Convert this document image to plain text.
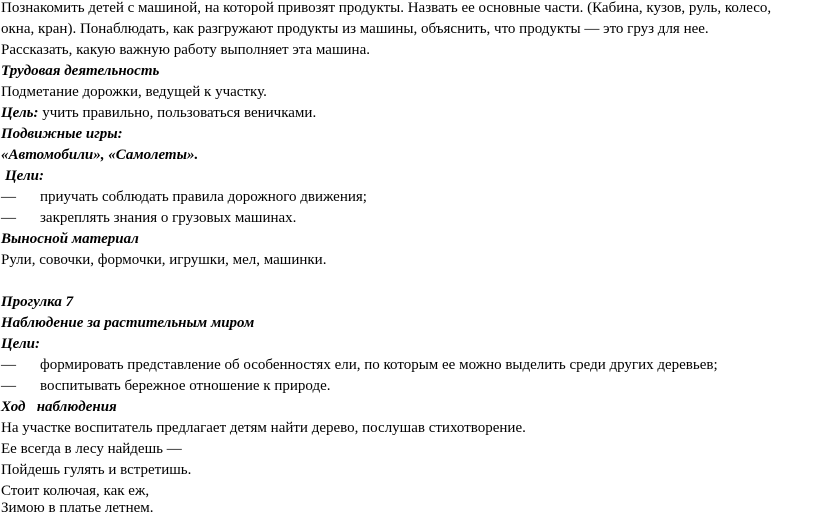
Познакомить детей с машиной, на которой привозят продукты. Назвать ее основные части. (Кабина, кузов, руль, колесо,
окна, кран). Понаблюдать, как разгружают продукты из машины, объяснить, что продукты — это груз для нее.
Рассказать, какую важную работу выполняет эта машина.
Трудовая деятельность
Подметание дорожки, ведущей к участку.
Цель: учить правильно, пользоваться веничками.
Подвижные игры:
«Автомобили», «Самолеты».
Цели:
— приучать соблюдать правила дорожного движения;
— закреплять знания о грузовых машинах.
Выносной материал
Рули, совочки, формочки, игрушки, мел, машинки.
Прогулка 7
Наблюдение за растительным миром
Цели:
— формировать представление об особенностях ели, по которым ее можно выделить среди других деревьев;
— воспитывать бережное отношение к природе.
Ход   наблюдения
На участке воспитатель предлагает детям найти дерево, послушав стихотворение.
Ее всегда в лесу найдешь —
Пойдешь гулять и встретишь.
Стоит колючая, как еж,
Зимою в платье летнем.
